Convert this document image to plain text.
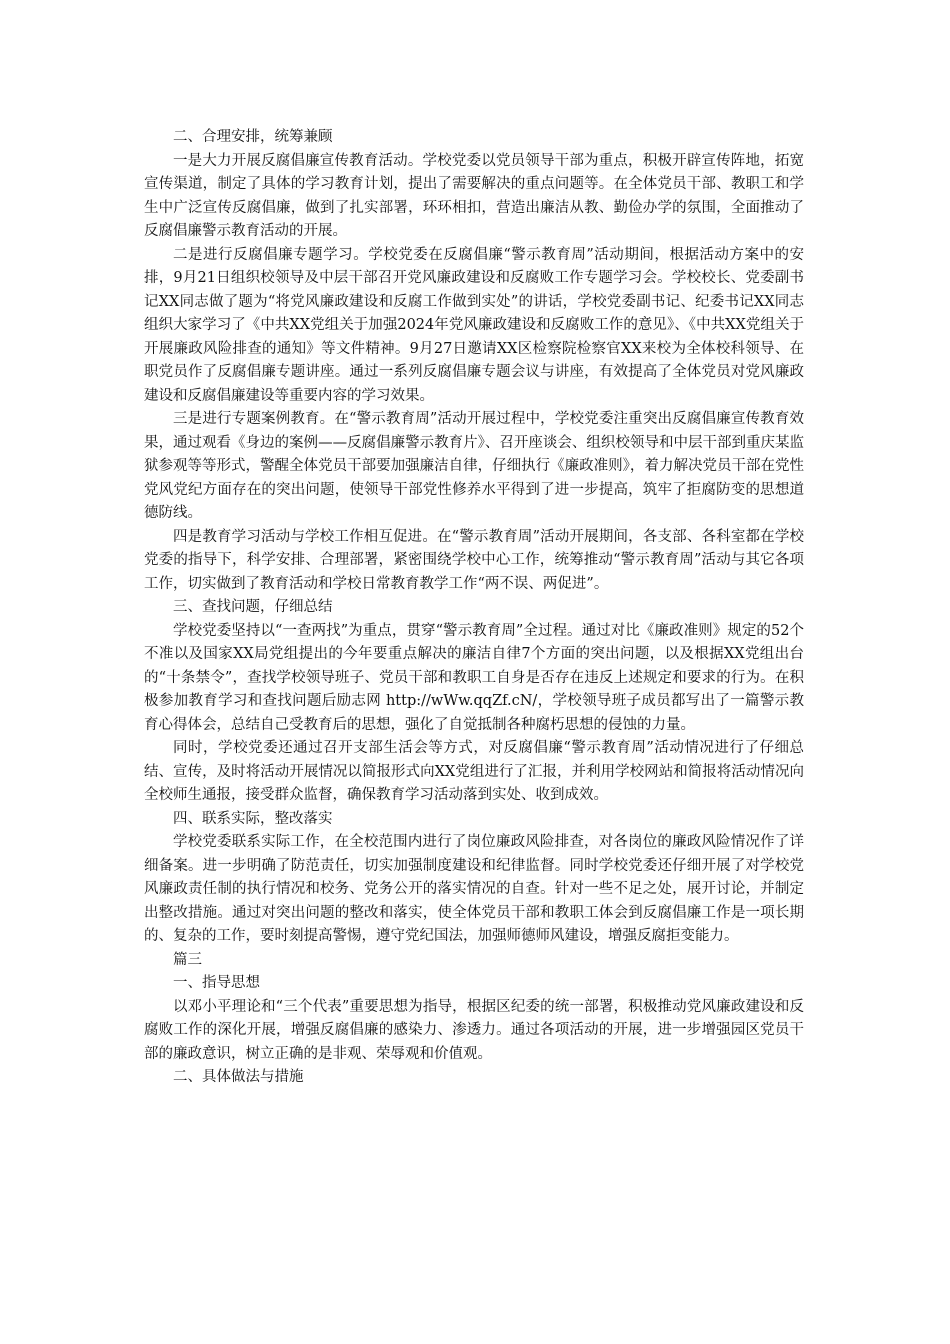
二、合理安排，统筹兼顾

一是大力开展反腐倡廉宣传教育活动。学校党委以党员领导干部为重点，积极开辟宣传阵地，拓宽宣传渠道，制定了具体的学习教育计划，提出了需要解决的重点问题等。在全体党员干部、教职工和学生中广泛宣传反腐倡廉，做到了扎实部署，环环相扣，营造出廉洁从教、勤俭办学的氛围，全面推动了反腐倡廉警示教育活动的开展。

二是进行反腐倡廉专题学习。学校党委在反腐倡廉“警示教育周”活动期间，根据活动方案中的安排，9月21日组织校领导及中层干部召开党风廉政建设和反腐败工作专题学习会。学校校长、党委副书记XX同志做了题为“将党风廉政建设和反腐工作做到实处”的讲话，学校党委副书记、纪委书记XX同志组织大家学习了《中共XX党组关于加强2024年党风廉政建设和反腐败工作的意见》、《中共XX党组关于开展廉政风险排查的通知》等文件精神。9月27日邀请XX区检察院检察官XX来校为全体校科领导、在职党员作了反腐倡廉专题讲座。通过一系列反腐倡廉专题会议与讲座，有效提高了全体党员对党风廉政建设和反腐倡廉建设等重要内容的学习效果。

三是进行专题案例教育。在“警示教育周”活动开展过程中，学校党委注重突出反腐倡廉宣传教育效果，通过观看《身边的案例——反腐倡廉警示教育片》、召开座谈会、组织校领导和中层干部到重庆某监狱参观等等形式，警醒全体党员干部要加强廉洁自律，仔细执行《廉政准则》，着力解决党员干部在党性党风党纪方面存在的突出问题，使领导干部党性修养水平得到了进一步提高，筑牢了拒腐防变的思想道德防线。

四是教育学习活动与学校工作相互促进。在“警示教育周”活动开展期间，各支部、各科室都在学校党委的指导下，科学安排、合理部署，紧密围绕学校中心工作，统筹推动“警示教育周”活动与其它各项工作，切实做到了教育活动和学校日常教育教学工作“两不误、两促进”。

三、查找问题，仔细总结

学校党委坚持以“一查两找”为重点，贯穿“警示教育周”全过程。通过对比《廉政准则》规定的52个不准以及国家XX局党组提出的今年要重点解决的廉洁自律7个方面的突出问题，以及根据XX党组出台的“十条禁令”，查找学校领导班子、党员干部和教职工自身是否存在违反上述规定和要求的行为。在积极参加教育学习和查找问题后励志网 http://wWw.qqZf.cN/，学校领导班子成员都写出了一篇警示教育心得体会，总结自己受教育后的思想，强化了自觉抵制各种腐朽思想的侵蚀的力量。

同时，学校党委还通过召开支部生活会等方式，对反腐倡廉“警示教育周”活动情况进行了仔细总结、宣传，及时将活动开展情况以简报形式向XX党组进行了汇报，并利用学校网站和简报将活动情况向全校师生通报，接受群众监督，确保教育学习活动落到实处、收到成效。

四、联系实际，整改落实

学校党委联系实际工作，在全校范围内进行了岗位廉政风险排查，对各岗位的廉政风险情况作了详细备案。进一步明确了防范责任，切实加强制度建设和纪律监督。同时学校党委还仔细开展了对学校党风廉政责任制的执行情况和校务、党务公开的落实情况的自查。针对一些不足之处，展开讨论，并制定出整改措施。通过对突出问题的整改和落实，使全体党员干部和教职工体会到反腐倡廉工作是一项长期的、复杂的工作，要时刻提高警惕，遵守党纪国法，加强师德师风建设，增强反腐拒变能力。

篇三

一、指导思想

以邓小平理论和“三个代表”重要思想为指导，根据区纪委的统一部署，积极推动党风廉政建设和反腐败工作的深化开展，增强反腐倡廉的感染力、渗透力。通过各项活动的开展，进一步增强园区党员干部的廉政意识，树立正确的是非观、荣辱观和价值观。

二、具体做法与措施
